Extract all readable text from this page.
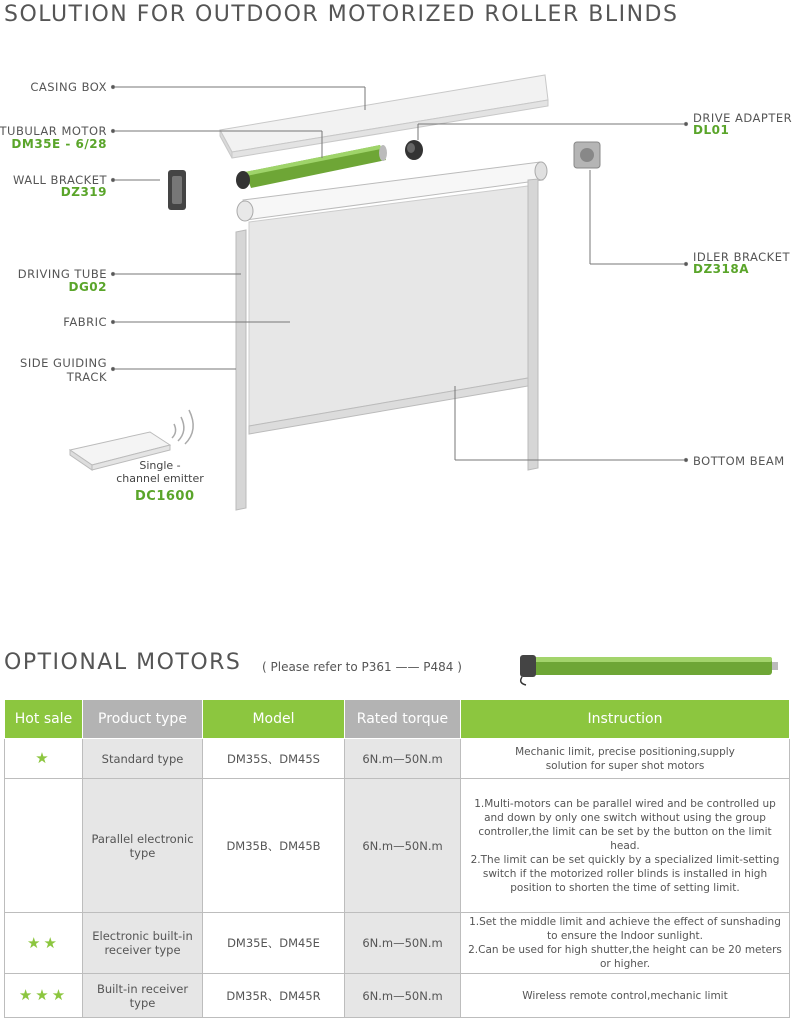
SOLUTION FOR OUTDOOR MOTORIZED ROLLER BLINDS
CASING BOX
TUBULAR MOTOR
DM35E - 6/28
WALL BRACKET
DZ319
DRIVING TUBE
DG02
FABRIC
SIDE GUIDING
TRACK
DRIVE ADAPTER
DL01
IDLER BRACKET
DZ318A
BOTTOM BEAM
Single -
channel emitter
DC1600
OPTIONAL MOTORS ( Please refer to P361 —— P484 )
Hot sale	Product type	Model	Rated torque	Instruction
★	Standard type	DM35S、DM45S	6N.m—50N.m	Mechanic limit, precise positioning,supply
solution for super shot motors

	Parallel electronic type	DM35B、DM45B	6N.m—50N.m	1.Multi-motors can be parallel wired and be controlled up and down by only one switch without using the group controller,the limit can be set by the button on the limit head.
2.The limit can be set quickly by a specialized limit-setting switch if the motorized roller blinds is installed in high position to shorten the time of setting limit.

★★	Electronic built-in receiver type	DM35E、DM45E	6N.m—50N.m	1.Set the middle limit and achieve the effect of sunshading to ensure the Indoor sunlight.
2.Can be used for high shutter,the height can be 20 meters or higher.

★★★	Built-in receiver type	DM35R、DM45R	6N.m—50N.m	Wireless remote control,mechanic limit
